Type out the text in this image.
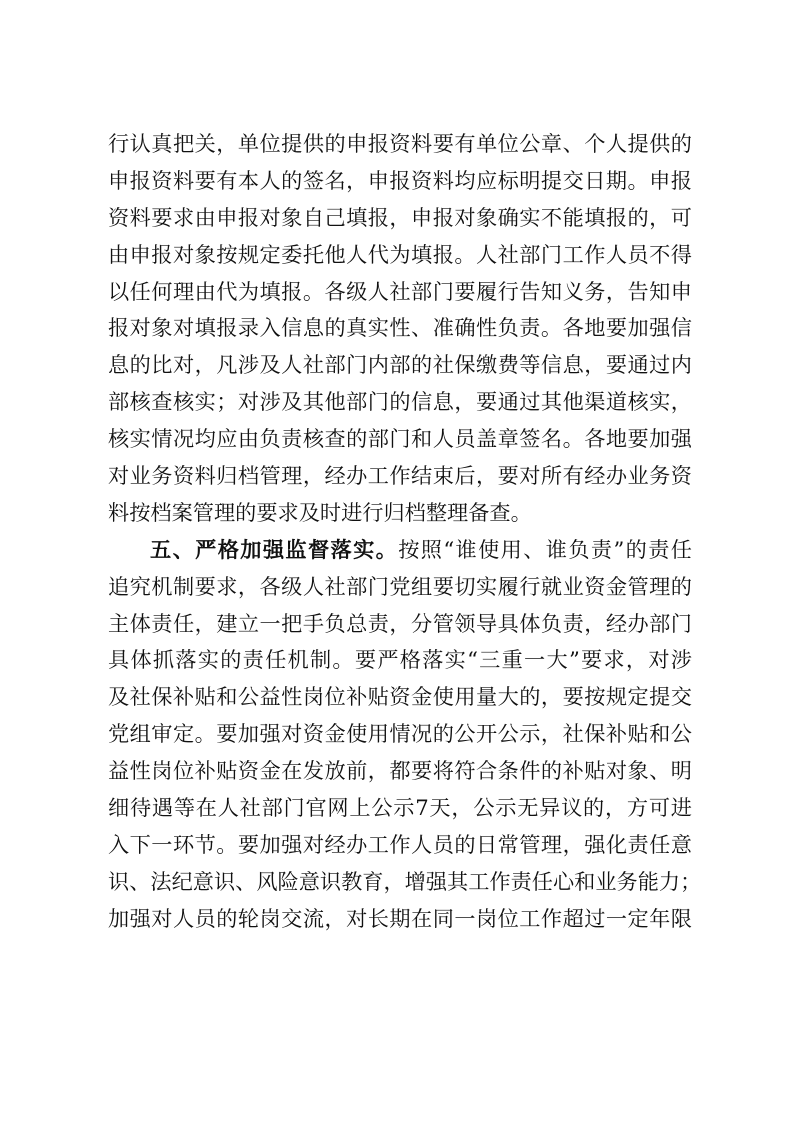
行认真把关，单位提供的申报资料要有单位公章、个人提供的
申报资料要有本人的签名，申报资料均应标明提交日期。申报
资料要求由申报对象自己填报，申报对象确实不能填报的，可
由申报对象按规定委托他人代为填报。人社部门工作人员不得
以任何理由代为填报。各级人社部门要履行告知义务，告知申
报对象对填报录入信息的真实性、准确性负责。各地要加强信
息的比对，凡涉及人社部门内部的社保缴费等信息，要通过内
部核查核实；对涉及其他部门的信息，要通过其他渠道核实，
核实情况均应由负责核查的部门和人员盖章签名。各地要加强
对业务资料归档管理，经办工作结束后，要对所有经办业务资
料按档案管理的要求及时进行归档整理备查。
五、严格加强监督落实。按照“谁使用、谁负责”的责任
追究机制要求，各级人社部门党组要切实履行就业资金管理的
主体责任，建立一把手负总责，分管领导具体负责，经办部门
具体抓落实的责任机制。要严格落实“三重一大”要求，对涉
及社保补贴和公益性岗位补贴资金使用量大的，要按规定提交
党组审定。要加强对资金使用情况的公开公示，社保补贴和公
益性岗位补贴资金在发放前，都要将符合条件的补贴对象、明
细待遇等在人社部门官网上公示7天，公示无异议的，方可进
入下一环节。要加强对经办工作人员的日常管理，强化责任意
识、法纪意识、风险意识教育，增强其工作责任心和业务能力；
加强对人员的轮岗交流，对长期在同一岗位工作超过一定年限
